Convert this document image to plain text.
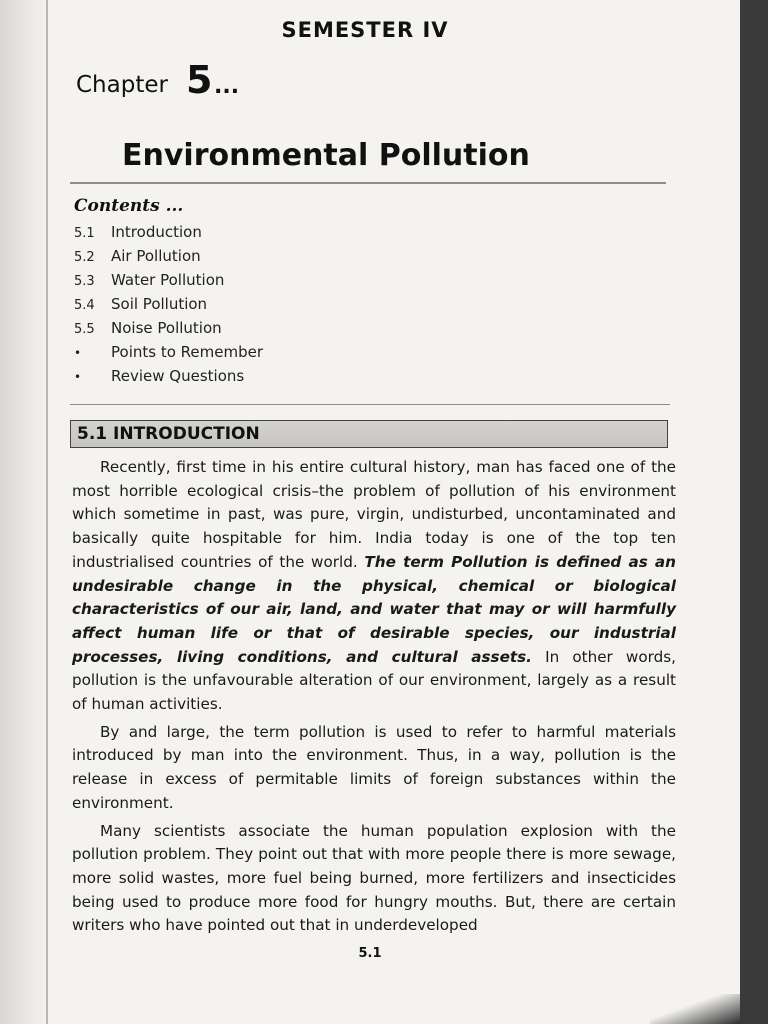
SEMESTER IV
Chapter 5 ...
Environmental Pollution
Contents ...
5.1 Introduction
5.2 Air Pollution
5.3 Water Pollution
5.4 Soil Pollution
5.5 Noise Pollution
• Points to Remember
• Review Questions
5.1 INTRODUCTION

Recently, first time in his entire cultural history, man has faced one of the most horrible ecological crisis–the problem of pollution of his environment which sometime in past, was pure, virgin, undisturbed, uncontaminated and basically quite hospitable for him. India today is one of the top ten industrialised countries of the world. The term Pollution is defined as an undesirable change in the physical, chemical or biological characteristics of our air, land, and water that may or will harmfully affect human life or that of desirable species, our industrial processes, living conditions, and cultural assets. In other words, pollution is the unfavourable alteration of our environment, largely as a result of human activities.

By and large, the term pollution is used to refer to harmful materials introduced by man into the environment. Thus, in a way, pollution is the release in excess of permitable limits of foreign substances within the environment.

Many scientists associate the human population explosion with the pollution problem. They point out that with more people there is more sewage, more solid wastes, more fuel being burned, more fertilizers and insecticides being used to produce more food for hungry mouths. But, there are certain writers who have pointed out that in underdeveloped

5.1
